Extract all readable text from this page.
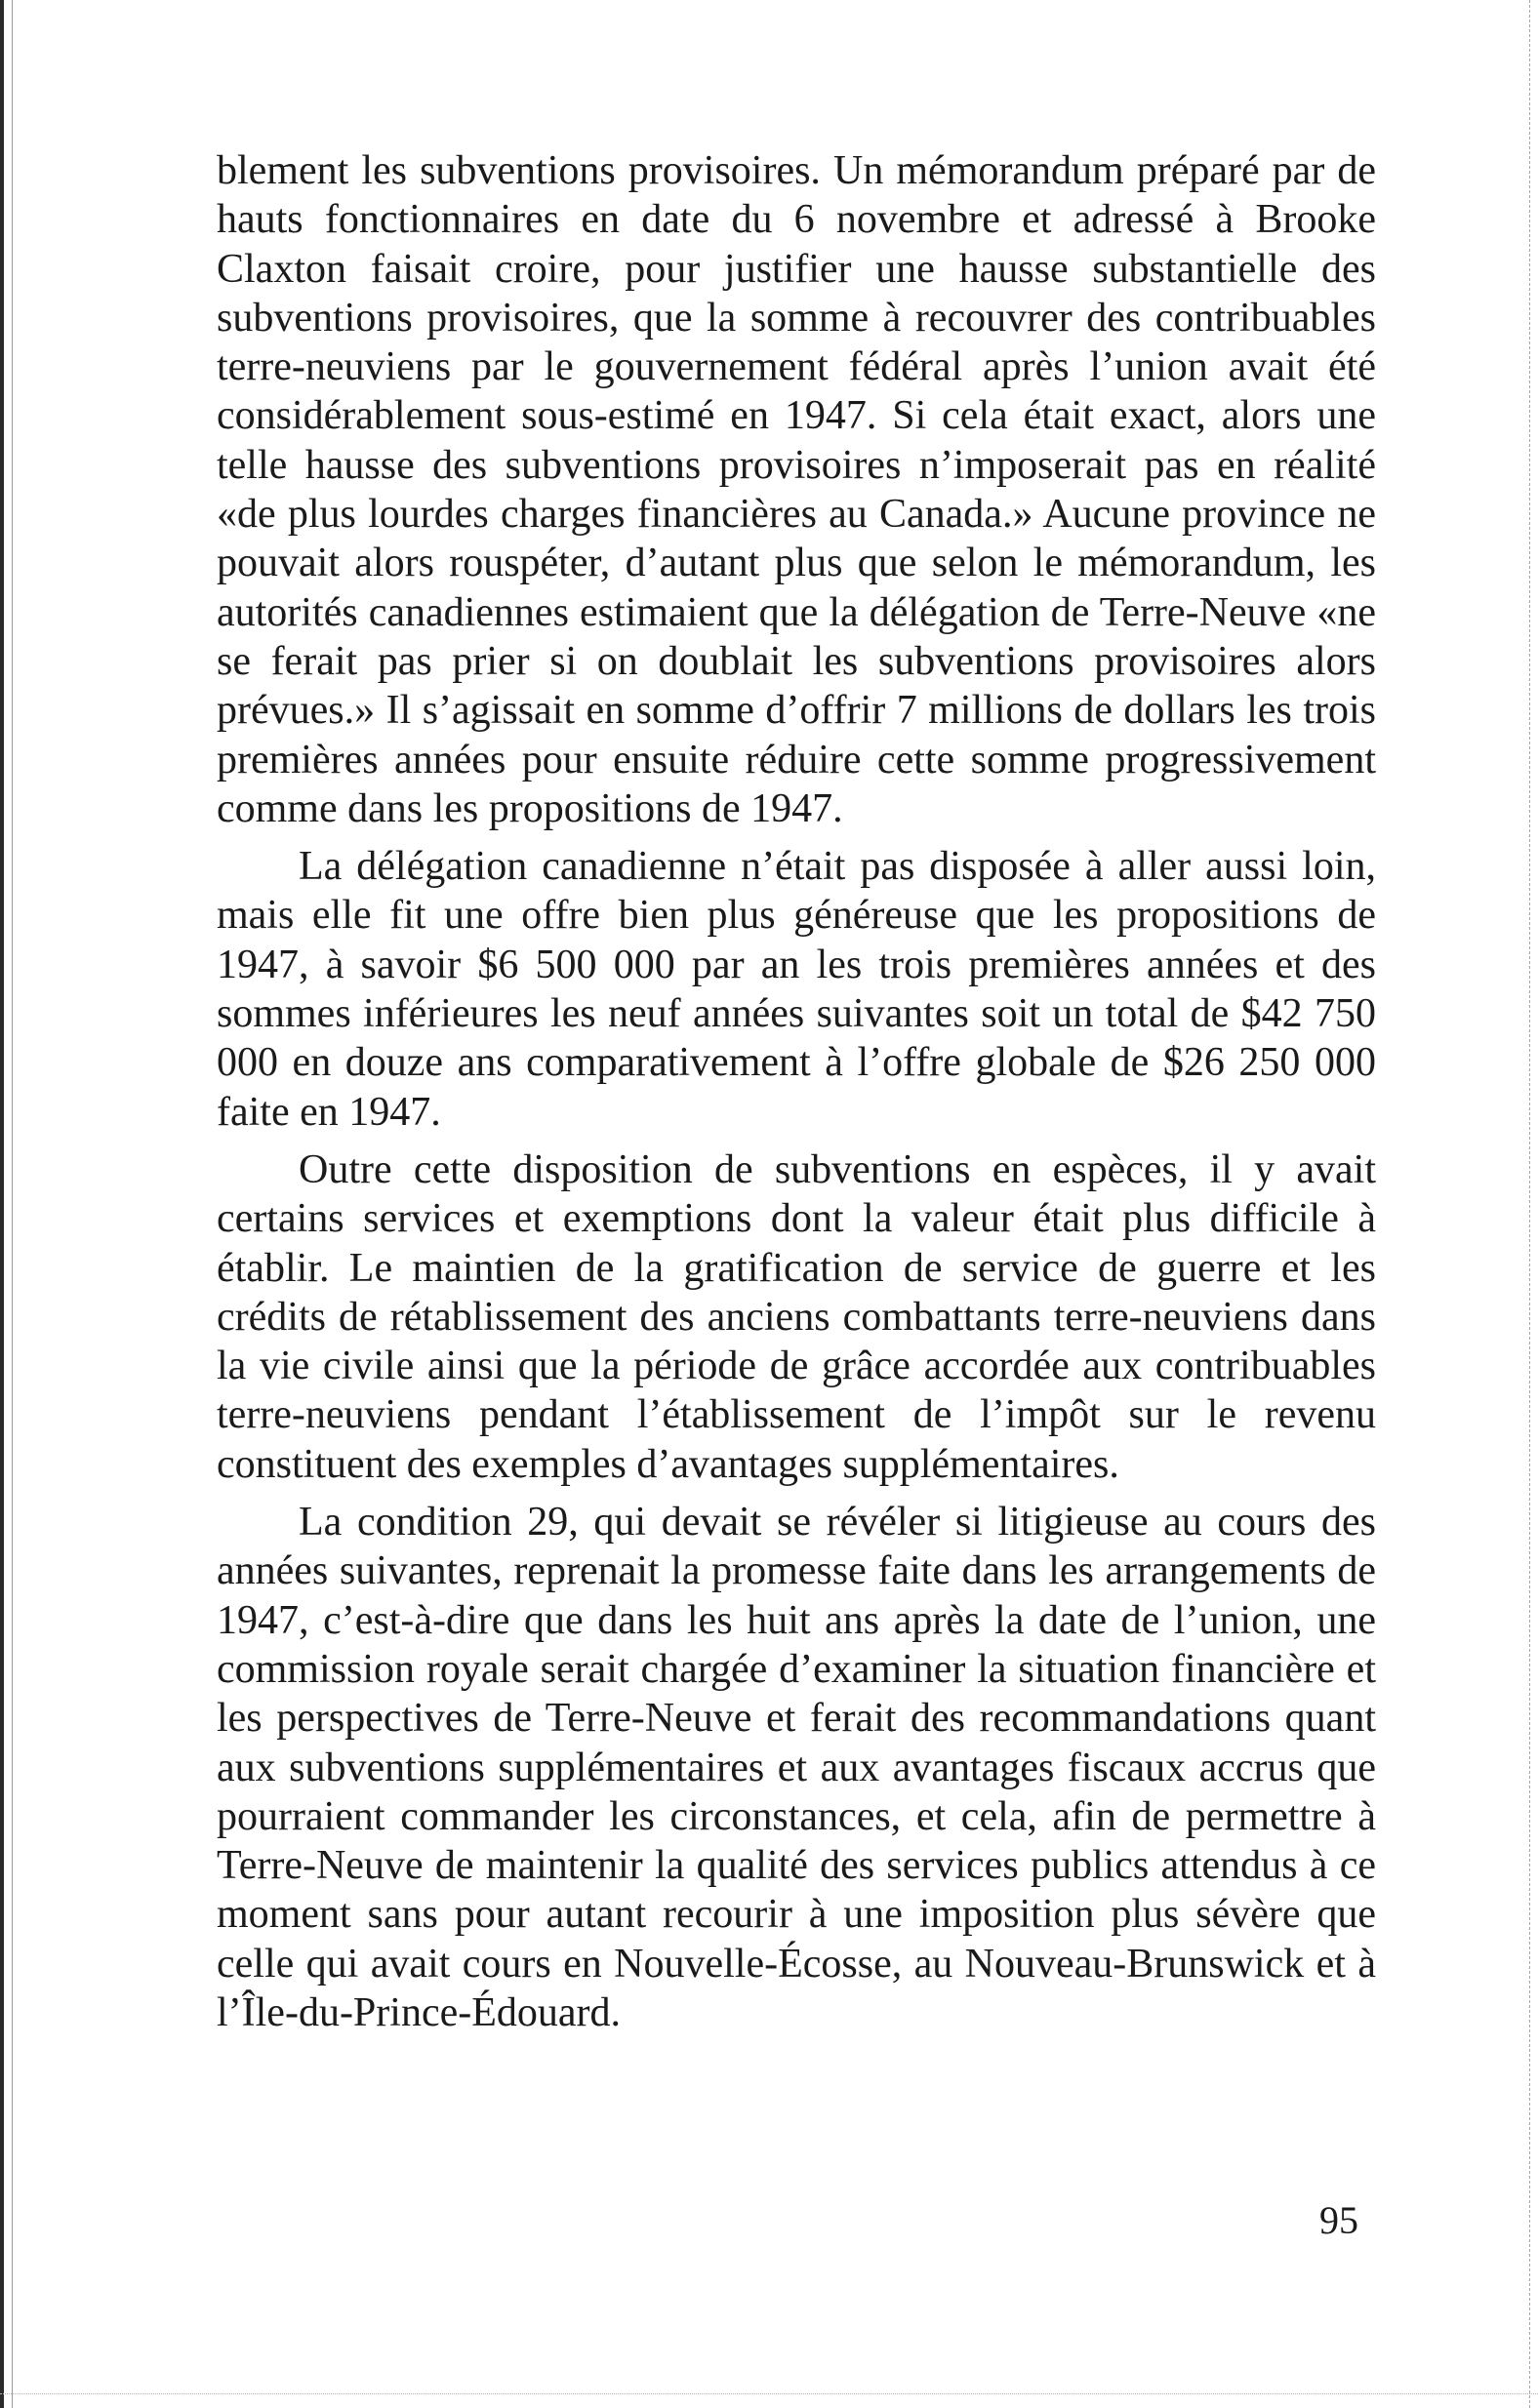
blement les subventions provisoires. Un mémorandum préparé par de hauts fonctionnaires en date du 6 novembre et adressé à Brooke Claxton faisait croire, pour justifier une hausse substantielle des subventions provisoires, que la somme à recouvrer des contribuables terre-neuviens par le gouvernement fédéral après l’union avait été considérablement sous-estimé en 1947. Si cela était exact, alors une telle hausse des subventions provisoires n’imposerait pas en réalité «de plus lourdes charges financières au Canada.» Aucune province ne pouvait alors rouspéter, d’autant plus que selon le mémorandum, les autorités canadiennes estimaient que la délégation de Terre-Neuve «ne se ferait pas prier si on doublait les subventions provisoires alors prévues.» Il s’agissait en somme d’offrir 7 millions de dollars les trois premières années pour ensuite réduire cette somme progressivement comme dans les propositions de 1947.

La délégation canadienne n’était pas disposée à aller aussi loin, mais elle fit une offre bien plus généreuse que les propositions de 1947, à savoir $6 500 000 par an les trois premières années et des sommes inférieures les neuf années suivantes soit un total de $42 750 000 en douze ans comparativement à l’offre globale de $26 250 000 faite en 1947.

Outre cette disposition de subventions en espèces, il y avait certains services et exemptions dont la valeur était plus difficile à établir. Le maintien de la gratification de service de guerre et les crédits de rétablissement des anciens combattants terre-neuviens dans la vie civile ainsi que la période de grâce accordée aux contribuables terre-neuviens pendant l’établissement de l’impôt sur le revenu constituent des exemples d’avantages supplémentaires.

La condition 29, qui devait se révéler si litigieuse au cours des années suivantes, reprenait la promesse faite dans les arrangements de 1947, c’est-à-dire que dans les huit ans après la date de l’union, une commission royale serait chargée d’examiner la situation financière et les perspectives de Terre-Neuve et ferait des recommandations quant aux subventions supplémentaires et aux avantages fiscaux accrus que pourraient commander les circonstances, et cela, afin de permettre à Terre-Neuve de maintenir la qualité des services publics attendus à ce moment sans pour autant recourir à une imposition plus sévère que celle qui avait cours en Nouvelle-Écosse, au Nouveau-Brunswick et à l’Île-du-Prince-Édouard.

95
